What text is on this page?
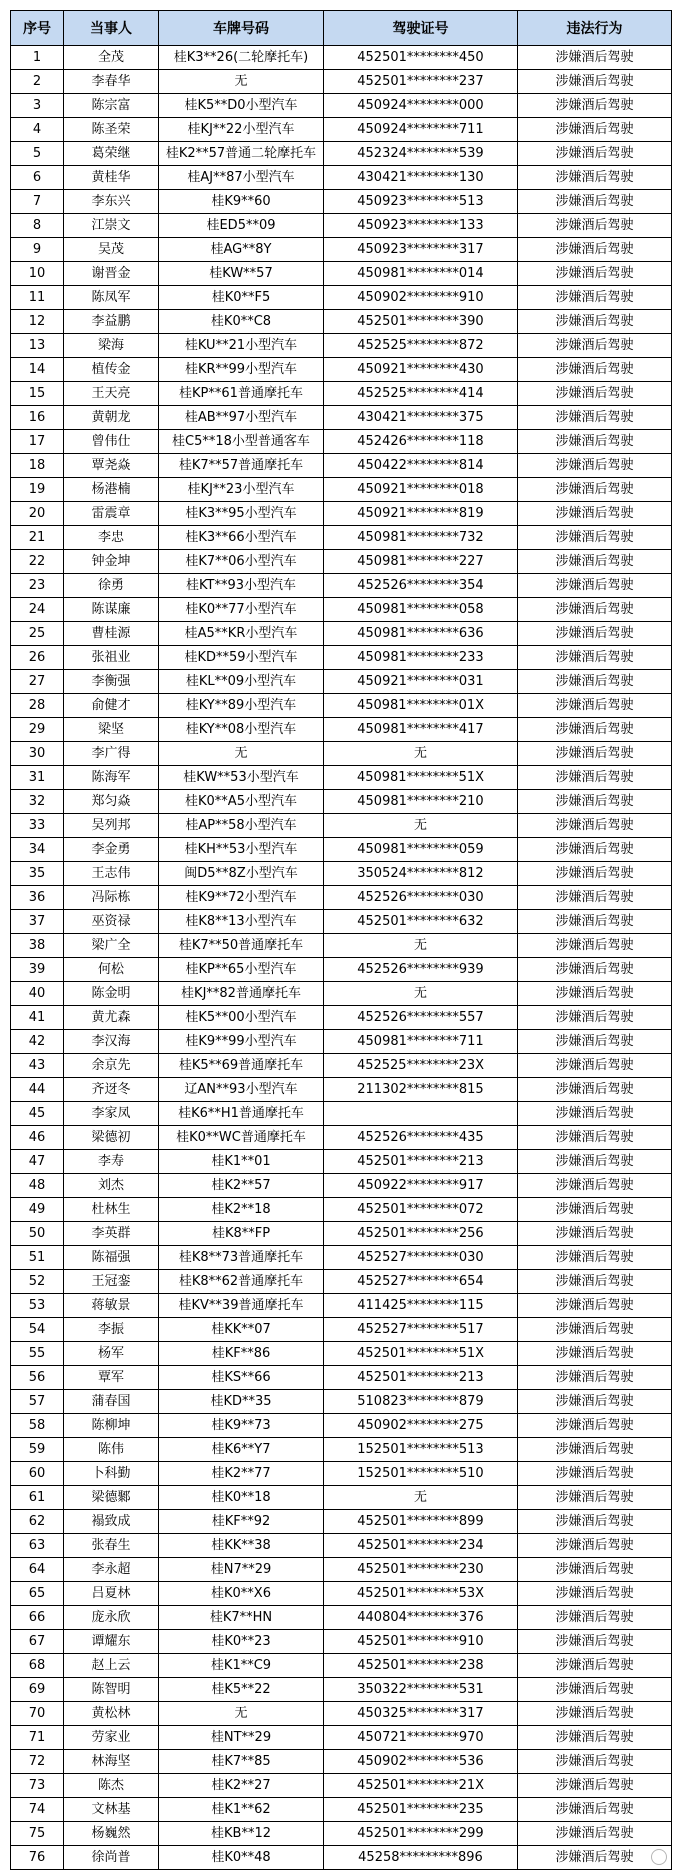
序号	当事人	车牌号码	驾驶证号	违法行为
1	全茂	桂K3**26(二轮摩托车)	452501********450	涉嫌酒后驾驶
2	李春华	无	452501********237	涉嫌酒后驾驶
3	陈宗富	桂K5**D0小型汽车	450924********000	涉嫌酒后驾驶
4	陈圣荣	桂KJ**22小型汽车	450924********711	涉嫌酒后驾驶
5	葛荣继	桂K2**57普通二轮摩托车	452324********539	涉嫌酒后驾驶
6	黄桂华	桂AJ**87小型汽车	430421********130	涉嫌酒后驾驶
7	李东兴	桂K9**60	450923********513	涉嫌酒后驾驶
8	江崇文	桂ED5**09	450923********133	涉嫌酒后驾驶
9	吴茂	桂AG**8Y	450923********317	涉嫌酒后驾驶
10	谢晋金	桂KW**57	450981********014	涉嫌酒后驾驶
11	陈凤军	桂K0**F5	450902********910	涉嫌酒后驾驶
12	李益鹏	桂K0**C8	452501********390	涉嫌酒后驾驶
13	梁海	桂KU**21小型汽车	452525********872	涉嫌酒后驾驶
14	植传金	桂KR**99小型汽车	450921********430	涉嫌酒后驾驶
15	王天亮	桂KP**61普通摩托车	452525********414	涉嫌酒后驾驶
16	黄朝龙	桂AB**97小型汽车	430421********375	涉嫌酒后驾驶
17	曾伟仕	桂C5**18小型普通客车	452426********118	涉嫌酒后驾驶
18	覃尧焱	桂K7**57普通摩托车	450422********814	涉嫌酒后驾驶
19	杨港楠	桂KJ**23小型汽车	450921********018	涉嫌酒后驾驶
20	雷震章	桂K3**95小型汽车	450921********819	涉嫌酒后驾驶
21	李忠	桂K3**66小型汽车	450981********732	涉嫌酒后驾驶
22	钟金坤	桂K7**06小型汽车	450981********227	涉嫌酒后驾驶
23	徐勇	桂KT**93小型汽车	452526********354	涉嫌酒后驾驶
24	陈谋廉	桂K0**77小型汽车	450981********058	涉嫌酒后驾驶
25	曹桂源	桂A5**KR小型汽车	450981********636	涉嫌酒后驾驶
26	张祖业	桂KD**59小型汽车	450981********233	涉嫌酒后驾驶
27	李衡强	桂KL**09小型汽车	450921********031	涉嫌酒后驾驶
28	俞健才	桂KY**89小型汽车	450981********01X	涉嫌酒后驾驶
29	梁坚	桂KY**08小型汽车	450981********417	涉嫌酒后驾驶
30	李广得	无	无	涉嫌酒后驾驶
31	陈海军	桂KW**53小型汽车	450981********51X	涉嫌酒后驾驶
32	郑匀焱	桂K0**A5小型汽车	450981********210	涉嫌酒后驾驶
33	吴列邦	桂AP**58小型汽车	无	涉嫌酒后驾驶
34	李金勇	桂KH**53小型汽车	450981********059	涉嫌酒后驾驶
35	王志伟	闽D5**8Z小型汽车	350524********812	涉嫌酒后驾驶
36	冯际栋	桂K9**72小型汽车	452526********030	涉嫌酒后驾驶
37	巫资禄	桂K8**13小型汽车	452501********632	涉嫌酒后驾驶
38	梁广全	桂K7**50普通摩托车	无	涉嫌酒后驾驶
39	何松	桂KP**65小型汽车	452526********939	涉嫌酒后驾驶
40	陈金明	桂KJ**82普通摩托车	无	涉嫌酒后驾驶
41	黄尤森	桂K5**00小型汽车	452526********557	涉嫌酒后驾驶
42	李汉海	桂K9**99小型汽车	450981********711	涉嫌酒后驾驶
43	余京先	桂K5**69普通摩托车	452525********23X	涉嫌酒后驾驶
44	齐迓冬	辽AN**93小型汽车	211302********815	涉嫌酒后驾驶
45	李家凤	桂K6**H1普通摩托车		涉嫌酒后驾驶
46	梁德初	桂K0**WC普通摩托车	452526********435	涉嫌酒后驾驶
47	李寿	桂K1**01	452501********213	涉嫌酒后驾驶
48	刘杰	桂K2**57	450922********917	涉嫌酒后驾驶
49	杜林生	桂K2**18	452501********072	涉嫌酒后驾驶
50	李英群	桂K8**FP	452501********256	涉嫌酒后驾驶
51	陈福强	桂K8**73普通摩托车	452527********030	涉嫌酒后驾驶
52	王冠銮	桂K8**62普通摩托车	452527********654	涉嫌酒后驾驶
53	蒋敏景	桂KV**39普通摩托车	411425********115	涉嫌酒后驾驶
54	李振	桂KK**07	452527********517	涉嫌酒后驾驶
55	杨军	桂KF**86	452501********51X	涉嫌酒后驾驶
56	覃军	桂KS**66	452501********213	涉嫌酒后驾驶
57	蒲春国	桂KD**35	510823********879	涉嫌酒后驾驶
58	陈柳坤	桂K9**73	450902********275	涉嫌酒后驾驶
59	陈伟	桂K6**Y7	152501********513	涉嫌酒后驾驶
60	卜科勤	桂K2**77	152501********510	涉嫌酒后驾驶
61	梁德鄹	桂K0**18	无	涉嫌酒后驾驶
62	褟致成	桂KF**92	452501********899	涉嫌酒后驾驶
63	张春生	桂KK**38	452501********234	涉嫌酒后驾驶
64	李永超	桂N7**29	452501********230	涉嫌酒后驾驶
65	吕夏林	桂K0**X6	452501********53X	涉嫌酒后驾驶
66	庞永欣	桂K7**HN	440804********376	涉嫌酒后驾驶
67	谭耀东	桂K0**23	452501********910	涉嫌酒后驾驶
68	赵上云	桂K1**C9	452501********238	涉嫌酒后驾驶
69	陈智明	桂K5**22	350322********531	涉嫌酒后驾驶
70	黄松林	无	450325********317	涉嫌酒后驾驶
71	劳家业	桂NT**29	450721********970	涉嫌酒后驾驶
72	林海坚	桂K7**85	450902********536	涉嫌酒后驾驶
73	陈杰	桂K2**27	452501********21X	涉嫌酒后驾驶
74	文林基	桂K1**62	452501********235	涉嫌酒后驾驶
75	杨巍然	桂KB**12	452501********299	涉嫌酒后驾驶
76	徐尚普	桂K0**48	45258*********896	涉嫌酒后驾驶
